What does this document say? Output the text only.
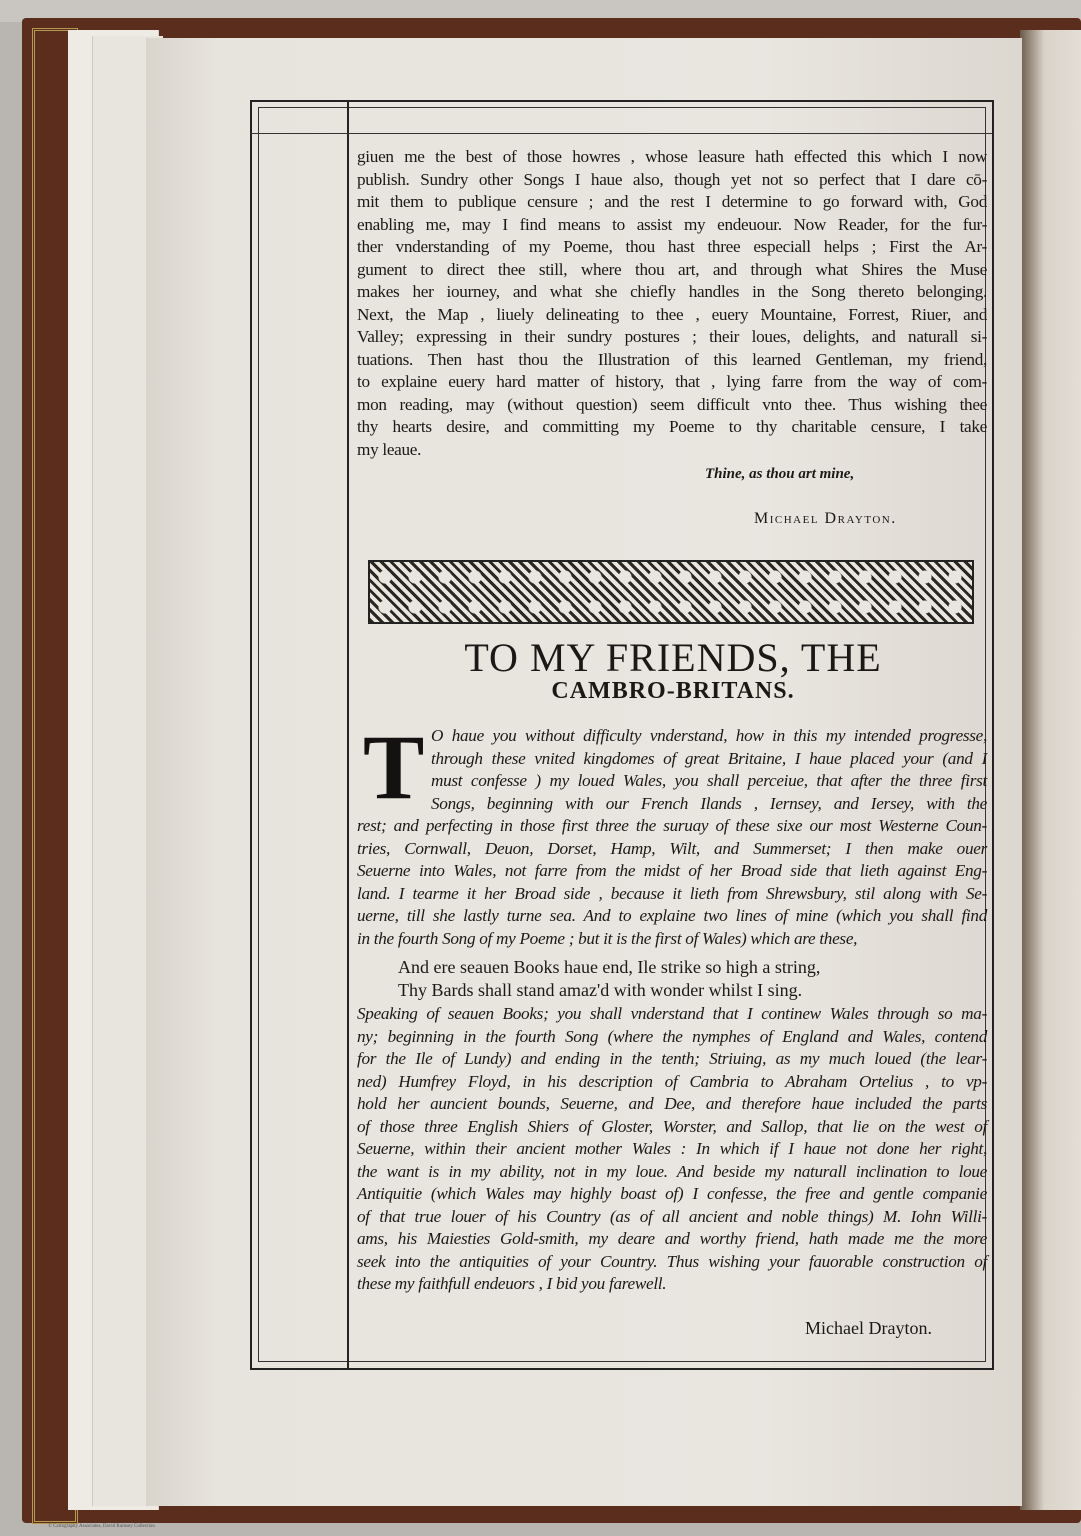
giuen me the best of those howres , whose leasure hath effected this which I now
publish. Sundry other Songs I haue also, though yet not so perfect that I dare cō-
mit them to publique censure ; and the rest I determine to go forward with, God
enabling me, may I find means to assist my endeuour. Now Reader, for the fur-
ther vnderstanding of my Poeme, thou hast three especiall helps ; First the Ar-
gument to direct thee still, where thou art, and through what Shires the Muse
makes her iourney, and what she chiefly handles in the Song thereto belonging.
Next, the Map , liuely delineating to thee , euery Mountaine, Forrest, Riuer, and
Valley; expressing in their sundry postures ; their loues, delights, and naturall si-
tuations. Then hast thou the Illustration of this learned Gentleman, my friend,
to explaine euery hard matter of history, that , lying farre from the way of com-
mon reading, may (without question) seem difficult vnto thee. Thus wishing thee
thy hearts desire, and committing my Poeme to thy charitable censure, I take
my leaue.
Thine, as thou art mine,
Michael Drayton.
TO MY FRIENDS, THE
CAMBRO-BRITANS.
T O haue you without difficulty vnderstand, how in this my intended progresse,
through these vnited kingdomes of great Britaine, I haue placed your (and I
must confesse ) my loued Wales, you shall perceiue, that after the three first
Songs, beginning with our French Ilands , Iernsey, and Iersey, with the
rest; and perfecting in those first three the suruay of these sixe our most Westerne Coun-
tries, Cornwall, Deuon, Dorset, Hamp, Wilt, and Summerset; I then make ouer
Seuerne into Wales, not farre from the midst of her Broad side that lieth against Eng-
land. I tearme it her Broad side , because it lieth from Shrewsbury, stil along with Se-
uerne, till she lastly turne sea. And to explaine two lines of mine (which you shall find
in the fourth Song of my Poeme ; but it is the first of Wales) which are these,
And ere seauen Books haue end, Ile strike so high a string,
Thy Bards shall stand amaz'd with wonder whilst I sing.
Speaking of seauen Books; you shall vnderstand that I continew Wales through so ma-
ny; beginning in the fourth Song (where the nymphes of England and Wales, contend
for the Ile of Lundy) and ending in the tenth; Striuing, as my much loued (the lear-
ned) Humfrey Floyd, in his description of Cambria to Abraham Ortelius , to vp-
hold her auncient bounds, Seuerne, and Dee, and therefore haue included the parts
of those three English Shiers of Gloster, Worster, and Sallop, that lie on the west of
Seuerne, within their ancient mother Wales : In which if I haue not done her right,
the want is in my ability, not in my loue. And beside my naturall inclination to loue
Antiquitie (which Wales may highly boast of) I confesse, the free and gentle companie
of that true louer of his Country (as of all ancient and noble things) M. Iohn Willi-
ams, his Maiesties Gold-smith, my deare and worthy friend, hath made me the more
seek into the antiquities of your Country. Thus wishing your fauorable construction of
these my faithfull endeuors , I bid you farewell.
Michael Drayton.
© Cartography Associates, David Rumsey Collection
